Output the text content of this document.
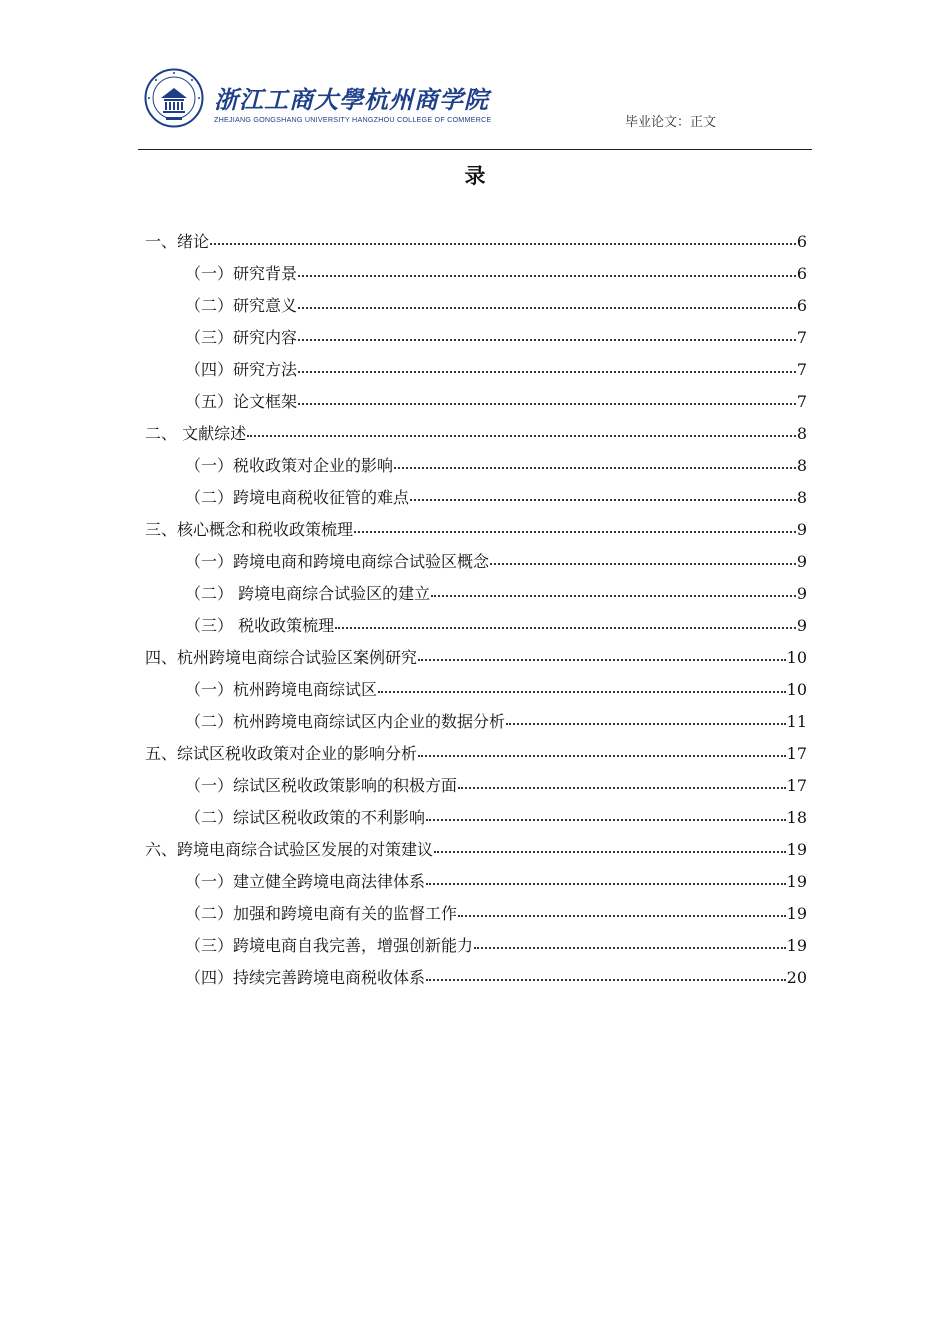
浙江工商大學杭州商学院
ZHEJIANG GONGSHANG UNIVERSITY HANGZHOU COLLEGE OF COMMERCE	毕业论文：正文
录
一、绪论	6
（一）研究背景	6
（二）研究意义	6
（三）研究内容	7
（四）研究方法	7
（五）论文框架	7
二、 文献综述	8
（一）税收政策对企业的影响	8
（二）跨境电商税收征管的难点	8
三、核心概念和税收政策梳理	9
（一）跨境电商和跨境电商综合试验区概念	9
（二） 跨境电商综合试验区的建立	9
（三） 税收政策梳理	9
四、杭州跨境电商综合试验区案例研究	10
（一）杭州跨境电商综试区	10
（二）杭州跨境电商综试区内企业的数据分析	11
五、综试区税收政策对企业的影响分析	17
（一）综试区税收政策影响的积极方面	17
（二）综试区税收政策的不利影响	18
六、跨境电商综合试验区发展的对策建议	19
（一）建立健全跨境电商法律体系	19
（二）加强和跨境电商有关的监督工作	19
（三）跨境电商自我完善，增强创新能力	19
（四）持续完善跨境电商税收体系	20
